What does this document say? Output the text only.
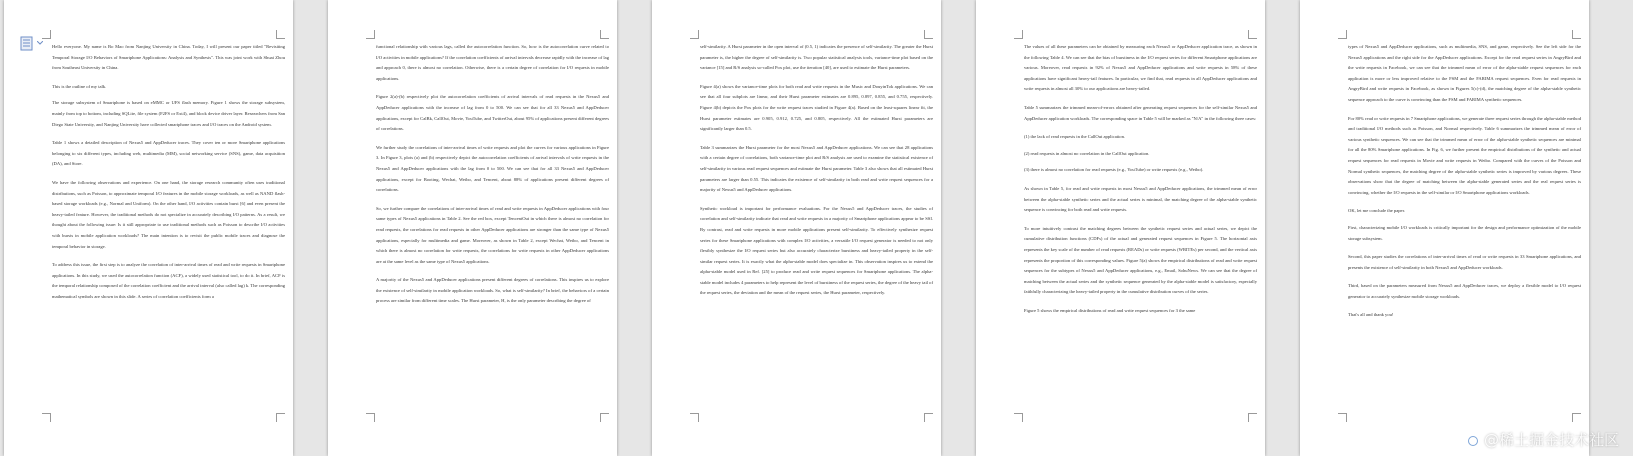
Hello everyone. My name is Bo Mao from Nanjing University in China. Today, I will present our paper titled "Revisiting Temporal Storage I/O Behaviors of Smartphone Applications: Analysis and Synthesis". This was joint work with Shuai Zhou from Southeast University in China.

This is the outline of my talk.

The storage subsystem of Smartphone is based on eMMC or UFS flash memory. Figure 1 shows the storage subsystem, mainly from top to bottom, including SQLite, file system (F2FS or Ext4), and block device driver layer. Researchers from San Diego State University, and Nanjing University have collected smartphone traces and I/O traces on the Android system.

Table 1 shows a detailed description of Nexus5 and AppDeducer traces. They cover ten or more Smartphone applications belonging to six different types, including web, multimedia (MM), social networking service (SNS), game, data acquisition (DA), and Store.

We have the following observations and experience. On one hand, the storage research community often uses traditional distributions, such as Poisson, to approximate temporal I/O features in the mobile storage workloads, as well as NAND flash-based storage workloads (e.g., Normal and Uniform). On the other hand, I/O activities contain burst [6] and even present the heavy-tailed feature. However, the traditional methods do not specialize in accurately describing I/O patterns. As a result, we thought about the following issue: Is it still appropriate to use traditional methods such as Poisson to describe I/O activities with bursts in mobile application workloads? The main intention is to revisit the public mobile traces and diagnose the temporal behavior in storage.

To address this issue, the first step is to analyze the correlation of inter-arrival times of read and write requests in Smartphone applications. In this study, we used the autocorrelation function (ACF), a widely used statistical tool, to do it. In brief, ACF is the temporal relationship composed of the correlation coefficient and the arrival interval (also called lag) k. The corresponding mathematical symbols are shown in this slide. A series of correlation coefficients form a

functional relationship with various lags, called the autocorrelation function. So, how is the autocorrelation curve related to I/O activities in mobile applications? If the correlation coefficients of arrival intervals decrease rapidly with the increase of lag and approach 0, there is almost no correlation. Otherwise, there is a certain degree of correlation for I/O requests in mobile applications.

Figure 2(a)-(b) respectively plot the autocorrelation coefficients of arrival intervals of read requests in the Nexus5 and AppDeducer applications with the increase of lag from 0 to 500. We can see that for all 33 Nexus5 and AppDeducer applications, except for CalBk, CallOut, Movie, YouTube, and TwitterOut, about 95% of applications present different degrees of correlations.

We further study the correlations of inter-arrival times of write requests and plot the curves for various applications in Figure 3. In Figure 3, plots (a) and (b) respectively depict the autocorrelation coefficients of arrival intervals of write requests in the Nexus5 and AppDeducer applications with the lag from 0 to 500. We can see that for all 33 Nexus5 and AppDeducer applications, except for Booting, Wechat, Weibo, and Tencent, about 88% of applications present different degrees of correlations.

So, we further compare the correlations of inter-arrival times of read and write requests in AppDeducer applications with four same types of Nexus5 applications in Table 2. See the red box, except TencentOut in which there is almost no correlation for read requests, the correlations for read requests in other AppDeducer applications are stronger than the same type of Nexus5 applications, especially for multimedia and game. Moreover, as shown in Table 2, except Wechat, Weibo, and Tencent in which there is almost no correlation for write requests, the correlations for write requests in other AppDeducer applications are at the same level as the same type of Nexus5 applications.

A majority of the Nexus5 and AppDeducer applications present different degrees of correlations. This inspires us to explore the existence of self-similarity in mobile application workloads. So, what is self-similarity? In brief, the behaviors of a certain process are similar from different time scales. The Hurst parameter, H, is the only parameter describing the degree of

self-similarity. A Hurst parameter in the open interval of (0.5, 1) indicates the presence of self-similarity. The greater the Hurst parameter is, the higher the degree of self-similarity is. Two popular statistical analysis tools, variance-time plot based on the variance [15] and R/S analysis so-called Pox plot, use the iteration [40], are used to estimate the Hurst parameters.

Figure 4(a) shows the variance-time plots for both read and write requests in the Music and DouyinTok applications. We can see that all four subplots are linear, and their Hurst parameter estimates are 0.895, 0.897, 0.855, and 0.755, respectively. Figure 4(b) depicts the Pox plots for the write request traces studied in Figure 4(a). Based on the least-squares linear fit, the Hurst parameter estimates are 0.905, 0.912, 0.725, and 0.805, respectively. All the estimated Hurst parameters are significantly larger than 0.5.

Table 3 summarizes the Hurst parameter for the most Nexus5 and AppDeducer applications. We can see that 28 applications with a certain degree of correlations, both variance-time plot and R/S analysis are used to examine the statistical existence of self-similarity in various read request sequences and estimate the Hurst parameter. Table 3 also shows that all estimated Hurst parameters are larger than 0.55. This indicates the existence of self-similarity in both read and write request sequences for a majority of Nexus5 and AppDeducer applications.

Synthetic workload is important for performance evaluations. For the Nexus5 and AppDeducer traces, the studies of correlation and self-similarity indicate that read and write requests in a majority of Smartphone applications appear to be SSI. By contrast, read and write requests in more mobile applications present self-similarity. To effectively synthesize request series for these Smartphone applications with complex I/O activities, a versatile I/O request generator is needed to not only flexibly synthesize the I/O request series but also accurately characterize burstiness and heavy-tailed property in the self-similar request series. It is exactly what the alpha-stable model does specialize in. This observation inspires us to extend the alpha-stable model used in Ref. [25] to produce read and write request sequences for Smartphone applications. The alpha-stable model includes 4 parameters to help represent the level of burstiness of the request series, the degree of the heavy tail of the request series, the deviation and the mean of the request series, the Hurst parameter, respectively.

The values of all these parameters can be obtained by measuring each Nexus5 or AppDeducer application trace, as shown in the following Table 4. We can see that the bias of burstiness in the I/O request series for different Smartphone applications are various. Moreover, read requests in 92% of Nexus5 and AppDeducer applications and write requests in 58% of these applications have significant heavy-tail features. In particular, we find that, read requests in all AppDeducer applications and write requests in almost all 30% to our applications are heavy-tailed.

Table 5 summarizes the trimmed mean-of-errors obtained after generating request sequences for the self-similar Nexus5 and AppDeducer application workloads. The corresponding space in Table 5 will be marked as "N/A" in the following three cases:

(1) the lack of read requests in the CallOut application.

(2) read requests in almost no correlation in the CallOut application.

(3) there is almost no correlation for read requests (e.g., YouTube) or write requests (e.g., Weibo).

As shown in Table 5, for read and write requests in most Nexus5 and AppDeducer applications, the trimmed mean of error between the alpha-stable synthetic series and the actual series is minimal, the matching degree of the alpha-stable synthetic sequence is convincing for both read and write requests.

To more intuitively contrast the matching degrees between the synthetic request series and actual series, we depict the cumulative distribution functions (CDFs) of the actual and generated request sequences in Figure 5. The horizontal axis represents the key scale of the number of read requests (READs) or write requests (WRITEs) per second, and the vertical axis represents the proportion of this corresponding values. Figure 5(a) shows the empirical distributions of read and write request sequences for the subtypes of Nexus5 and AppDeducer applications, e.g., Email, SohuNews. We can see that the degree of matching between the actual series and the synthetic sequence generated by the alpha-stable model is satisfactory, especially faithfully characterizing the heavy-tailed property in the cumulative distribution curves of the series.

Figure 5 shows the empirical distributions of read and write request sequences for 3 the same

types of Nexus5 and AppDeducer applications, such as multimedia, SNS, and game, respectively. See the left side for the Nexus5 applications and the right side for the AppDeducer applications. Except for the read request series in AngryBird and the write requests in Facebook, we can see that the trimmed mean of error of the alpha-stable request sequences for each application is more or less improved relative to the FSM and the FARIMA request sequences. Even for read requests in AngryBird and write requests in Facebook, as shown in Figures 5(c)-(d), the matching degree of the alpha-stable synthetic sequence approach to the curve is convincing than the FSM and FARIMA synthetic sequences.

For 80% read or write requests in 7 Smartphone applications, we generate three request series through the alpha-stable method and traditional I/O methods such as Poisson, and Normal respectively. Table 6 summarizes the trimmed mean of error of various synthetic sequences. We can see that the trimmed mean of error of the alpha-stable synthetic sequences are minimal for all the 80% Smartphone applications. In Fig. 6, we further present the empirical distributions of the synthetic and actual request sequences for read requests in Movie and write requests in Weibo. Compared with the curves of the Poisson and Normal synthetic sequences, the matching degree of the alpha-stable synthetic series is improved by various degrees. These observations show that the degree of matching between the alpha-stable generated series and the real request series is convincing, whether the I/O requests in the self-similar or I/O Smartphone applications workloads.

OK, let me conclude the paper.

First, characterizing mobile I/O workloads is critically important for the design and performance optimization of the mobile storage subsystem.

Second, this paper studies the correlations of inter-arrival times of read or write requests in 33 Smartphone applications, and presents the existence of self-similarity in both Nexus5 and AppDeducer workloads.

Third, based on the parameters measured from Nexus5 and AppDeducer traces, we deploy a flexible model to I/O request generator to accurately synthesize mobile storage workloads.

That's all and thank you!

@稀土掘金技术社区
